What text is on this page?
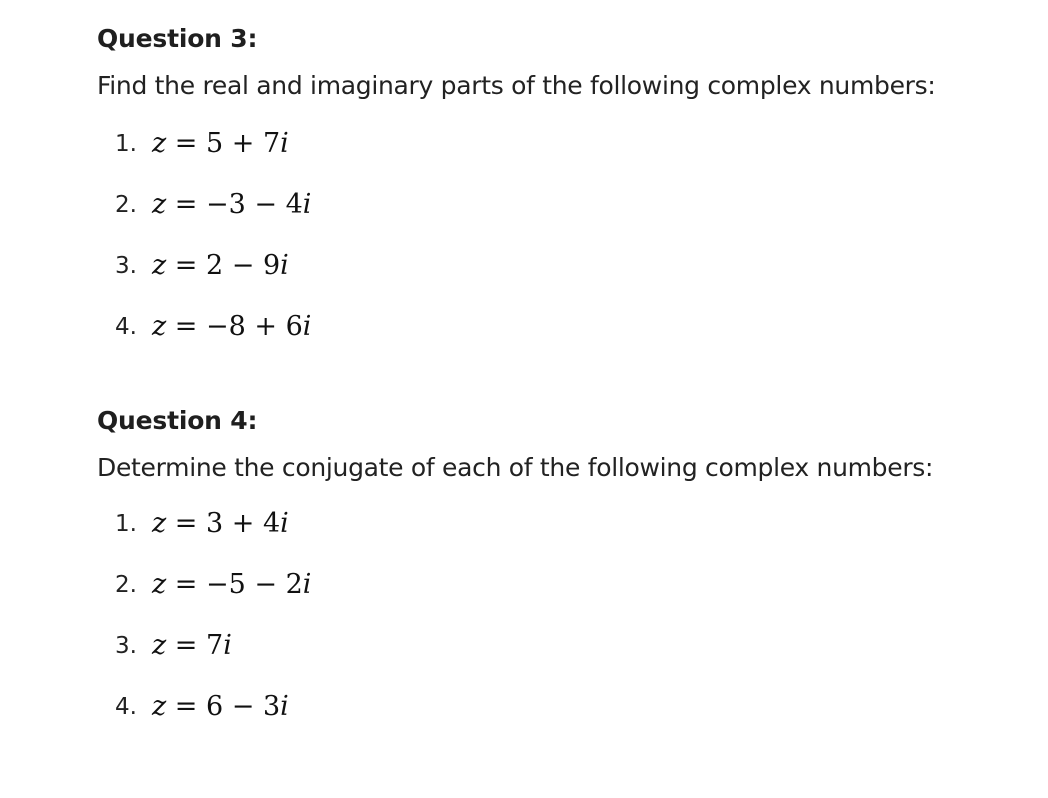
Question 3:

Find the real and imaginary parts of the following complex numbers:

1. 𝑧 = 5 + 7𝑖
2. 𝑧 = −3 − 4𝑖
3. 𝑧 = 2 − 9𝑖
4. 𝑧 = −8 + 6𝑖
Question 4:

Determine the conjugate of each of the following complex numbers:

1. 𝑧 = 3 + 4𝑖
2. 𝑧 = −5 − 2𝑖
3. 𝑧 = 7𝑖
4. 𝑧 = 6 − 3𝑖
